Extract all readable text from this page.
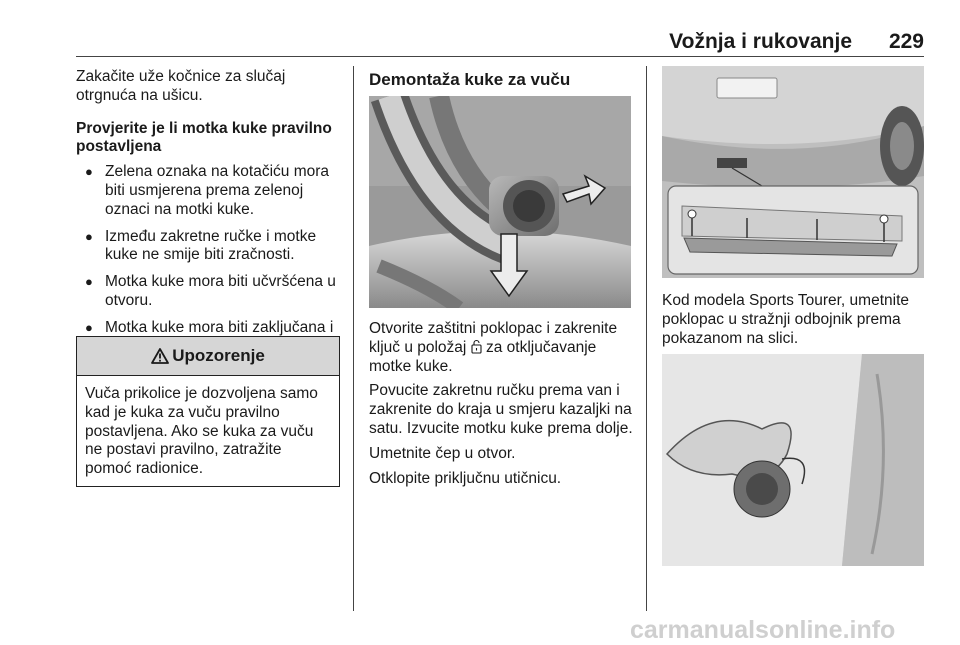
Vožnja i rukovanje 229

Zakačite uže kočnice za slučaj otrgnuća na ušicu.

Provjerite je li motka kuke pravilno postavljena

● Zelena oznaka na kotačiću mora biti usmjerena prema zelenoj oznaci na motki kuke.
● Između zakretne ručke i motke kuke ne smije biti zračnosti.
● Motka kuke mora biti učvršćena u otvoru.
● Motka kuke mora biti zaključana i
Upozorenje
Vuča prikolice je dozvoljena samo kad je kuka za vuču pravilno postavljena. Ako se kuka za vuču ne postavi pravilno, zatražite pomoć radionice.
Demontaža kuke za vuču

Otvorite zaštitni poklopac i zakrenite ključ u položaj za otključavanje motke kuke.

Povucite zakretnu ručku prema van i zakrenite do kraja u smjeru kazaljki na satu. Izvucite motku kuke prema dolje.

Umetnite čep u otvor.

Otklopite priključnu utičnicu.

Kod modela Sports Tourer, umetnite poklopac u stražnji odbojnik prema pokazanom na slici.

carmanualsonline.info
